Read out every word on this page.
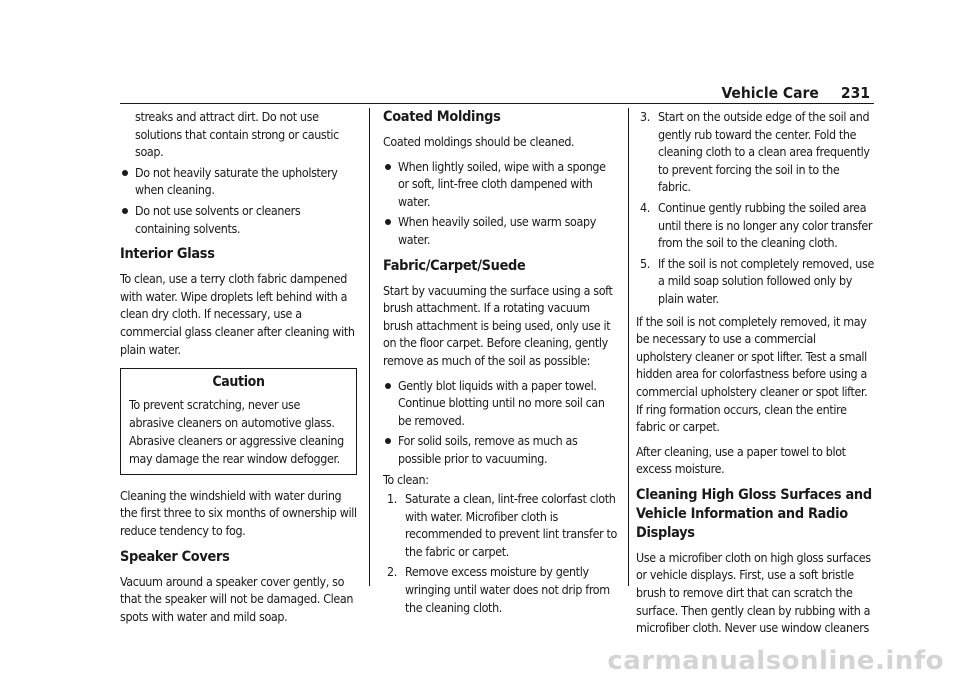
Vehicle Care 231
streaks and attract dirt. Do not use solutions that contain strong or caustic soap.
Do not heavily saturate the upholstery when cleaning.
Do not use solvents or cleaners containing solvents.
Interior Glass

To clean, use a terry cloth fabric dampened with water. Wipe droplets left behind with a clean dry cloth. If necessary, use a commercial glass cleaner after cleaning with plain water.

Caution
To prevent scratching, never use abrasive cleaners on automotive glass. Abrasive cleaners or aggressive cleaning may damage the rear window defogger.

Cleaning the windshield with water during the first three to six months of ownership will reduce tendency to fog.

Speaker Covers

Vacuum around a speaker cover gently, so that the speaker will not be damaged. Clean spots with water and mild soap.

Coated Moldings

Coated moldings should be cleaned.

When lightly soiled, wipe with a sponge or soft, lint-free cloth dampened with water.
When heavily soiled, use warm soapy water.
Fabric/Carpet/Suede

Start by vacuuming the surface using a soft brush attachment. If a rotating vacuum brush attachment is being used, only use it on the floor carpet. Before cleaning, gently remove as much of the soil as possible:

Gently blot liquids with a paper towel. Continue blotting until no more soil can be removed.
For solid soils, remove as much as possible prior to vacuuming.

To clean:

1. Saturate a clean, lint-free colorfast cloth with water. Microfiber cloth is recommended to prevent lint transfer to the fabric or carpet.
2. Remove excess moisture by gently wringing until water does not drip from the cleaning cloth.
3. Start on the outside edge of the soil and gently rub toward the center. Fold the cleaning cloth to a clean area frequently to prevent forcing the soil in to the fabric.
4. Continue gently rubbing the soiled area until there is no longer any color transfer from the soil to the cleaning cloth.
5. If the soil is not completely removed, use a mild soap solution followed only by plain water.

If the soil is not completely removed, it may be necessary to use a commercial upholstery cleaner or spot lifter. Test a small hidden area for colorfastness before using a commercial upholstery cleaner or spot lifter. If ring formation occurs, clean the entire fabric or carpet.

After cleaning, use a paper towel to blot excess moisture.

Cleaning High Gloss Surfaces and Vehicle Information and Radio Displays

Use a microfiber cloth on high gloss surfaces or vehicle displays. First, use a soft bristle brush to remove dirt that can scratch the surface. Then gently clean by rubbing with a microfiber cloth. Never use window cleaners

carmanualsonline.info
